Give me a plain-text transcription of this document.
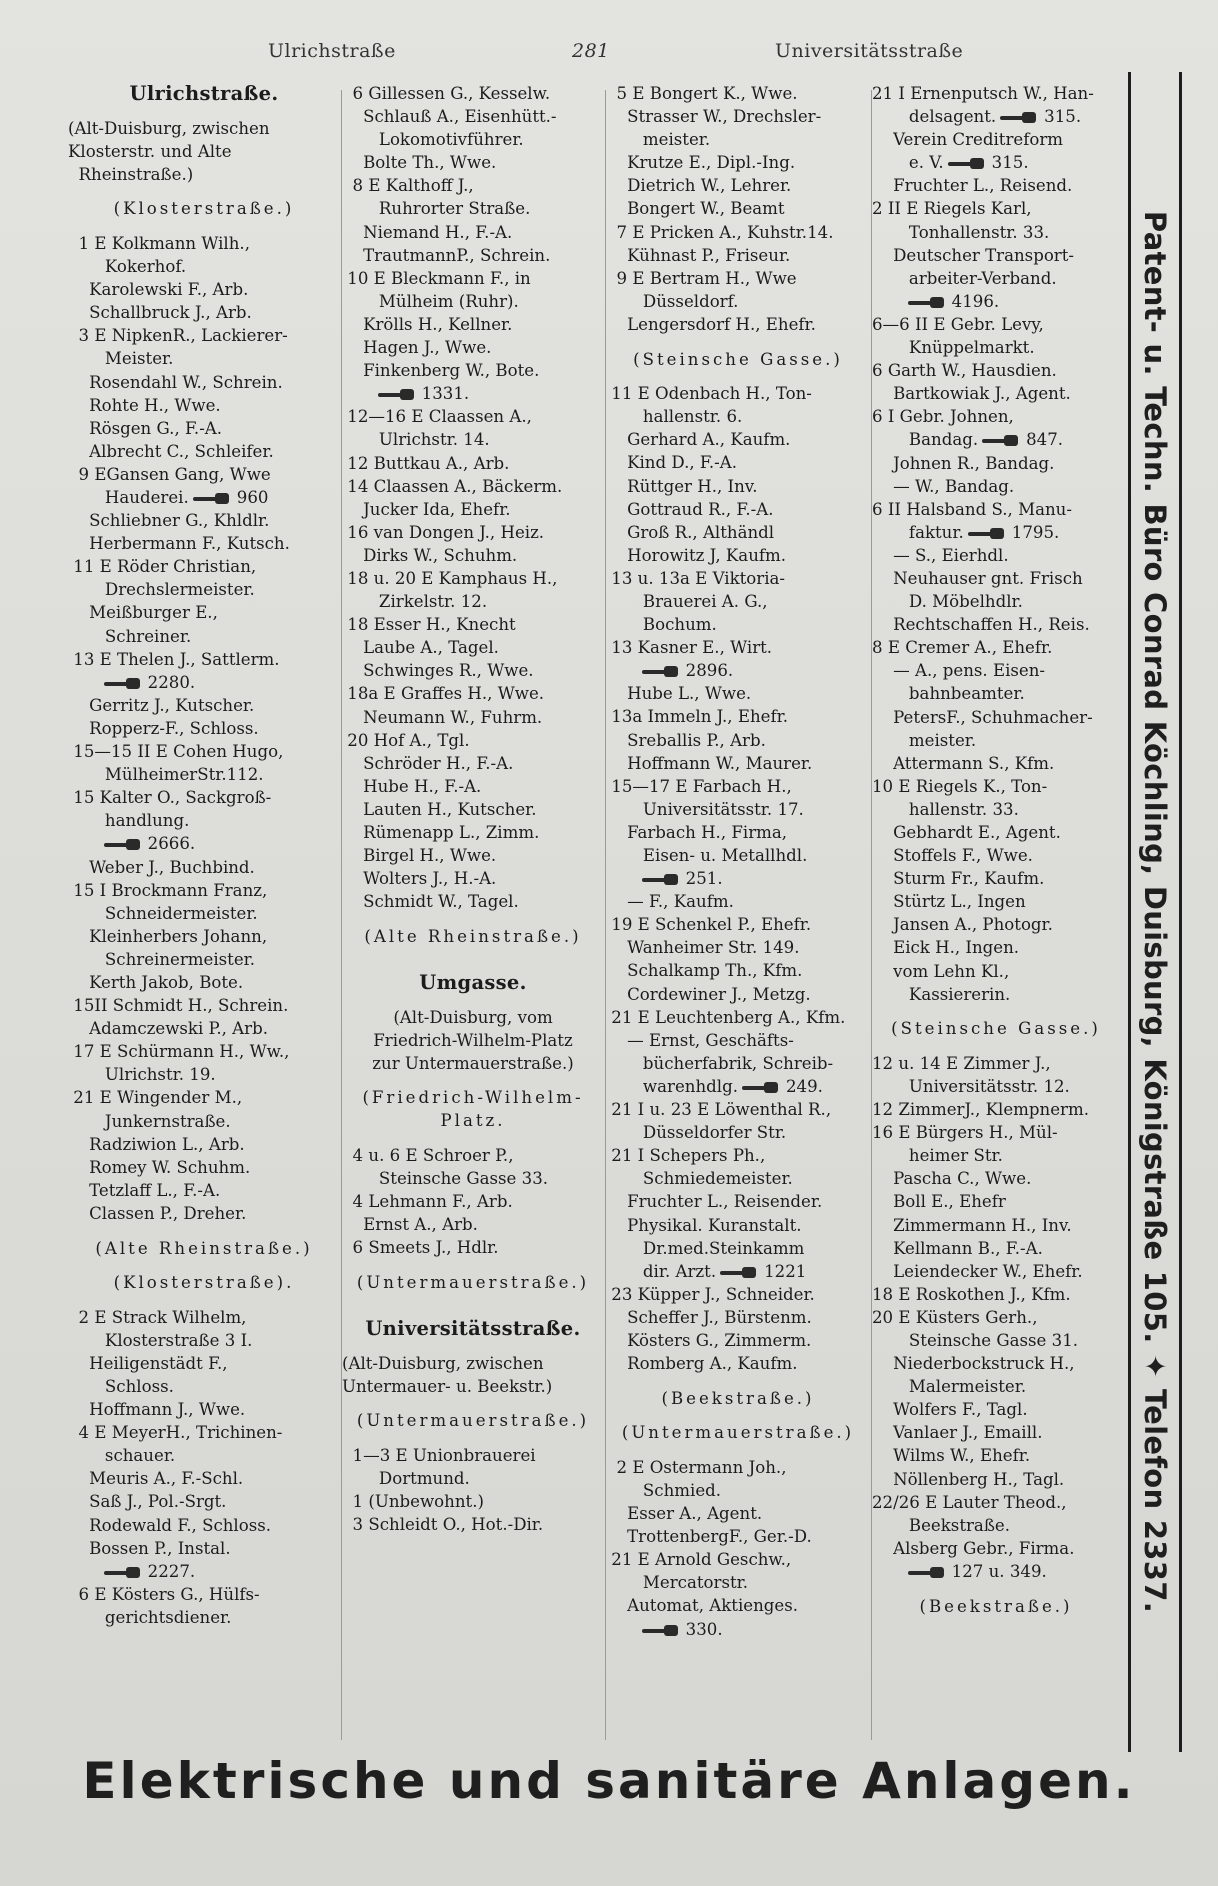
Ulrichstraße	281	Universitätsstraße
Ulrichstraße.
(Alt-Duisburg, zwischen
Klosterstr. und Alte
Rheinstraße.)
(Klosterstraße.)
1 E Kolkmann Wilh.,
Kokerhof.
Karolewski F., Arb.
Schallbruck J., Arb.
3 E NipkenR., Lackierer-
Meister.
Rosendahl W., Schrein.
Rohte H., Wwe.
Rösgen G., F.-A.
Albrecht C., Schleifer.
9 EGansen Gang, Wwe
Hauderei.	960
Schliebner G., Khldlr.
Herbermann F., Kutsch.
11 E Röder Christian,
Drechslermeister.
Meißburger E.,
Schreiner.
13 E Thelen J., Sattlerm.
2280.
Gerritz J., Kutscher.
Ropperz-F., Schloss.
15—15 II E Cohen Hugo,
MülheimerStr.112.
15 Kalter O., Sackgroß-
handlung.
2666.
Weber J., Buchbind.
15 I Brockmann Franz,
Schneidermeister.
Kleinherbers Johann,
Schreinermeister.
Kerth Jakob, Bote.
15II Schmidt H., Schrein.
Adamczewski P., Arb.
17 E Schürmann H., Ww.,
Ulrichstr. 19.
21 E Wingender M.,
Junkernstraße.
Radziwion L., Arb.
Romey W. Schuhm.
Tetzlaff L., F.-A.
Classen P., Dreher.
(Alte Rheinstraße.)
(Klosterstraße).
2 E Strack Wilhelm,
Klosterstraße 3 I.
Heiligenstädt F.,
Schloss.
Hoffmann J., Wwe.
4 E MeyerH., Trichinen-
schauer.
Meuris A., F.-Schl.
Saß J., Pol.-Srgt.
Rodewald F., Schloss.
Bossen P., Instal.
2227.
6 E Kösters G., Hülfs-
gerichtsdiener.
6 Gillessen G., Kesselw.
Schlauß A., Eisenhütt.-
Lokomotivführer.
Bolte Th., Wwe.
8 E Kalthoff J.,
Ruhrorter Straße.
Niemand H., F.-A.
TrautmannP., Schrein.
10 E Bleckmann F., in
Mülheim (Ruhr).
Krölls H., Kellner.
Hagen J., Wwe.
Finkenberg W., Bote.
1331.
12—16 E Claassen A.,
Ulrichstr. 14.
12 Buttkau A., Arb.
14 Claassen A., Bäckerm.
Jucker Ida, Ehefr.
16 van Dongen J., Heiz.
Dirks W., Schuhm.
18 u. 20 E Kamphaus H.,
Zirkelstr. 12.
18 Esser H., Knecht
Laube A., Tagel.
Schwinges R., Wwe.
18a E Graffes H., Wwe.
Neumann W., Fuhrm.
20 Hof A., Tgl.
Schröder H., F.-A.
Hube H., F.-A.
Lauten H., Kutscher.
Rümenapp L., Zimm.
Birgel H., Wwe.
Wolters J., H.-A.
Schmidt W., Tagel.
(Alte Rheinstraße.)
Umgasse.
(Alt-Duisburg, vom
Friedrich-Wilhelm-Platz
zur Untermauerstraße.)
(Friedrich-Wilhelm-
Platz.
4 u. 6 E Schroer P.,
Steinsche Gasse 33.
4 Lehmann F., Arb.
Ernst A., Arb.
6 Smeets J., Hdlr.
(Untermauerstraße.)
Universitätsstraße.
(Alt-Duisburg, zwischen
Untermauer- u. Beekstr.)
(Untermauerstraße.)
1—3 E Unionbrauerei
Dortmund.
1 (Unbewohnt.)
3 Schleidt O., Hot.-Dir.
5 E Bongert K., Wwe.
Strasser W., Drechsler-
meister.
Krutze E., Dipl.-Ing.
Dietrich W., Lehrer.
Bongert W., Beamt
7 E Pricken A., Kuhstr.14.
Kühnast P., Friseur.
9 E Bertram H., Wwe
Düsseldorf.
Lengersdorf H., Ehefr.
(Steinsche Gasse.)
11 E Odenbach H., Ton-
hallenstr. 6.
Gerhard A., Kaufm.
Kind D., F.-A.
Rüttger H., Inv.
Gottraud R., F.-A.
Groß R., Althändl
Horowitz J, Kaufm.
13 u. 13a E Viktoria-
Brauerei A. G.,
Bochum.
13 Kasner E., Wirt.
2896.
Hube L., Wwe.
13a Immeln J., Ehefr.
Sreballis P., Arb.
Hoffmann W., Maurer.
15—17 E Farbach H.,
Universitätsstr. 17.
Farbach H., Firma,
Eisen- u. Metallhdl.
251.
— F., Kaufm.
19 E Schenkel P., Ehefr.
Wanheimer Str. 149.
Schalkamp Th., Kfm.
Cordewiner J., Metzg.
21 E Leuchtenberg A., Kfm.
— Ernst, Geschäfts-
bücherfabrik, Schreib-
warenhdlg.	249.
21 I u. 23 E Löwenthal R.,
Düsseldorfer Str.
21 I Schepers Ph.,
Schmiedemeister.
Fruchter L., Reisender.
Physikal. Kuranstalt.
Dr.med.Steinkamm
dir. Arzt.	1221
23 Küpper J., Schneider.
Scheffer J., Bürstenm.
Kösters G., Zimmerm.
Romberg A., Kaufm.
(Beekstraße.)
(Untermauerstraße.)
2 E Ostermann Joh.,
Schmied.
Esser A., Agent.
TrottenbergF., Ger.-D.
21 E Arnold Geschw.,
Mercatorstr.
Automat, Aktienges.
330.
21 I Ernenputsch W., Han-
delsagent.	315.
Verein Creditreform
e. V.	315.
Fruchter L., Reisend.
2 II E Riegels Karl,
Tonhallenstr. 33.
Deutscher Transport-
arbeiter-Verband.
4196.
6—6 II E Gebr. Levy,
Knüppelmarkt.
6 Garth W., Hausdien.
Bartkowiak J., Agent.
6 I Gebr. Johnen,
Bandag.	847.
Johnen R., Bandag.
— W., Bandag.
6 II Halsband S., Manu-
faktur.	1795.
— S., Eierhdl.
Neuhauser gnt. Frisch
D. Möbelhdlr.
Rechtschaffen H., Reis.
8 E Cremer A., Ehefr.
— A., pens. Eisen-
bahnbeamter.
PetersF., Schuhmacher-
meister.
Attermann S., Kfm.
10 E Riegels K., Ton-
hallenstr. 33.
Gebhardt E., Agent.
Stoffels F., Wwe.
Sturm Fr., Kaufm.
Stürtz L., Ingen
Jansen A., Photogr.
Eick H., Ingen.
vom Lehn Kl.,
Kassiererin.
(Steinsche Gasse.)
12 u. 14 E Zimmer J.,
Universitätsstr. 12.
12 ZimmerJ., Klempnerm.
16 E Bürgers H., Mül-
heimer Str.
Pascha C., Wwe.
Boll E., Ehefr
Zimmermann H., Inv.
Kellmann B., F.-A.
Leiendecker W., Ehefr.
18 E Roskothen J., Kfm.
20 E Küsters Gerh.,
Steinsche Gasse 31.
Niederbockstruck H.,
Malermeister.
Wolfers F., Tagl.
Vanlaer J., Emaill.
Wilms W., Ehefr.
Nöllenberg H., Tagl.
22/26 E Lauter Theod.,
Beekstraße.
Alsberg Gebr., Firma.
127 u. 349.
(Beekstraße.)	Patent- u. Techn. Büro Conrad Köchling, Duisburg, Königstraße 105. ✦ Telefon 2337.
Elektrische und sanitäre Anlagen.
